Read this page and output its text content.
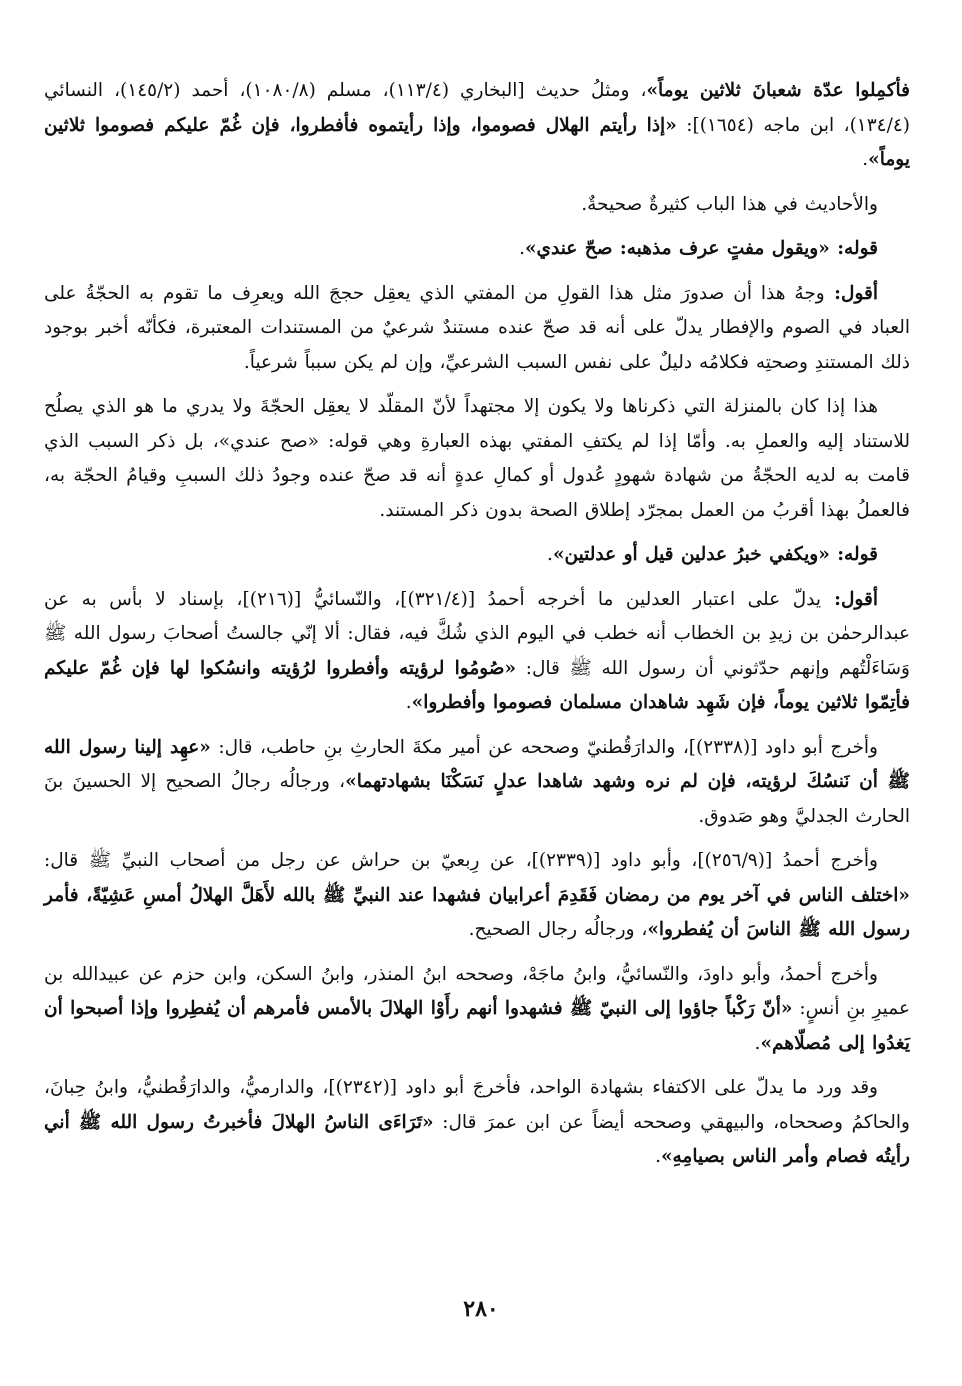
فأكمِلوا عدّة شعبانَ ثلاثين يوماً»، ومثلُ حديث [البخاري (١١٣/٤)، مسلم (١٠٨٠/٨)، أحمد (١٤٥/٢)، النسائي (١٣٤/٤)، ابن ماجه (١٦٥٤)]: «إذا رأيتم الهلال فصوموا، وإذا رأيتموه فأفطروا، فإن غُمّ عليكم فصوموا ثلاثين يوماً».

والأحاديث في هذا الباب كثيرةٌ صحيحةٌ.

قوله: «ويقول مفتٍ عرف مذهبه: صحّ عندي».

أقول: وجهُ هذا أن صدورَ مثل هذا القولِ من المفتي الذي يعقِل حججَ الله ويعرِف ما تقوم به الحجّةُ على العباد في الصوم والإفطار يدلّ على أنه قد صحّ عنده مستندٌ شرعيٌ من المستندات المعتبرة، فكأنّه أخبر بوجود ذلك المستندِ وصحتِه فكلامُه دليلٌ على نفس السبب الشرعيِّ، وإن لم يكن سبباً شرعياً.

هذا إذا كان بالمنزلة التي ذكرناها ولا يكون إلا مجتهداً لأنّ المقلّد لا يعقِل الحجّةَ ولا يدري ما هو الذي يصلُح للاستناد إليه والعملِ به. وأمّا إذا لم يكتفِ المفتي بهذه العبارةِ وهي قوله: «صح عندي»، بل ذكر السبب الذي قامت به لديه الحجّةُ من شهادة شهودٍ عُدول أو كمالِ عدةٍ أنه قد صحّ عنده وجودُ ذلك السببِ وقيامُ الحجّة به، فالعملُ بهذا أقربُ من العمل بمجرّد إطلاق الصحة بدون ذكر المستند.

قوله: «ويكفي خبرُ عدلين قيل أو عدلتين».

أقول: يدلّ على اعتبار العدلين ما أخرجه أحمدُ [(٣٢١/٤)]، والنّسائيُّ [(٢١٦)]، بإسناد لا بأس به عن عبدالرحمٰن بن زيدِ بن الخطاب أنه خطب في اليوم الذي شُكَّ فيه، فقال: ألا إنّي جالستُ أصحابَ رسول الله ﷺ وَسَاءَلْتُهم وإنهم حدّثوني أن رسول الله ﷺ قال: «صُومُوا لرؤيته وأفطروا لرُؤيته وانسُكوا لها فإن غُمّ عليكم فأتِمّوا ثلاثين يوماً، فإن شَهِد شاهدان مسلمان فصوموا وأفطروا».

وأخرج أبو داود [(٢٣٣٨)]، والدارَقُطنيّ وصححه عن أمير مكةَ الحارثِ بنِ حاطب، قال: «عهِد إلينا رسول الله ﷺ أن نَنسُكَ لرؤيته، فإن لم نره وشهد شاهدا عدلٍ نَسَكْنَا بشهادتهما»، ورجالُه رجالُ الصحيح إلا الحسينَ بنَ الحارث الجدليَّ وهو صَدوق.

وأخرج أحمدُ [(٢٥٦/٩)]، وأبو داود [(٢٣٣٩)]، عن رِبعيّ بن حراش عن رجل من أصحاب النبيِّ ﷺ قال: «اختلف الناس في آخر يوم من رمضان فَقَدِمَ أعرابيان فشهدا عند النبيِّ ﷺ بالله لأَهَلَّ الهلالُ أمسِ عَشِيّةً، فأمر رسول الله ﷺ الناسَ أن يُفطروا»، ورجالُه رجال الصحيح.

وأخرج أحمدُ، وأبو داودَ، والنّسائيُّ، وابنُ ماجَهْ، وصححه ابنُ المنذر، وابنُ السكن، وابن حزم عن عبيدالله بن عميرِ بنِ أنسٍ: «أنّ رَكْباً جاؤوا إلى النبيّ ﷺ فشهدوا أنهم رأَوْا الهلالَ بالأمس فأمرهم أن يُفطِروا وإذا أصبحوا أن يَغدُوا إلى مُصلّاهم».

وقد ورد ما يدلّ على الاكتفاء بشهادة الواحد، فأخرجَ أبو داود [(٢٣٤٢)]، والدارميُّ، والدارَقُطنيُّ، وابنُ حِبانَ، والحاكمُ وصححاه، والبيهقي وصححه أيضاً عن ابن عمرَ قال: «تَرَاءَى الناسُ الهلالَ فأخبرتُ رسول الله ﷺ أني رأيتُه فصام وأمر الناس بصيامِهِ».

٢٨٠
